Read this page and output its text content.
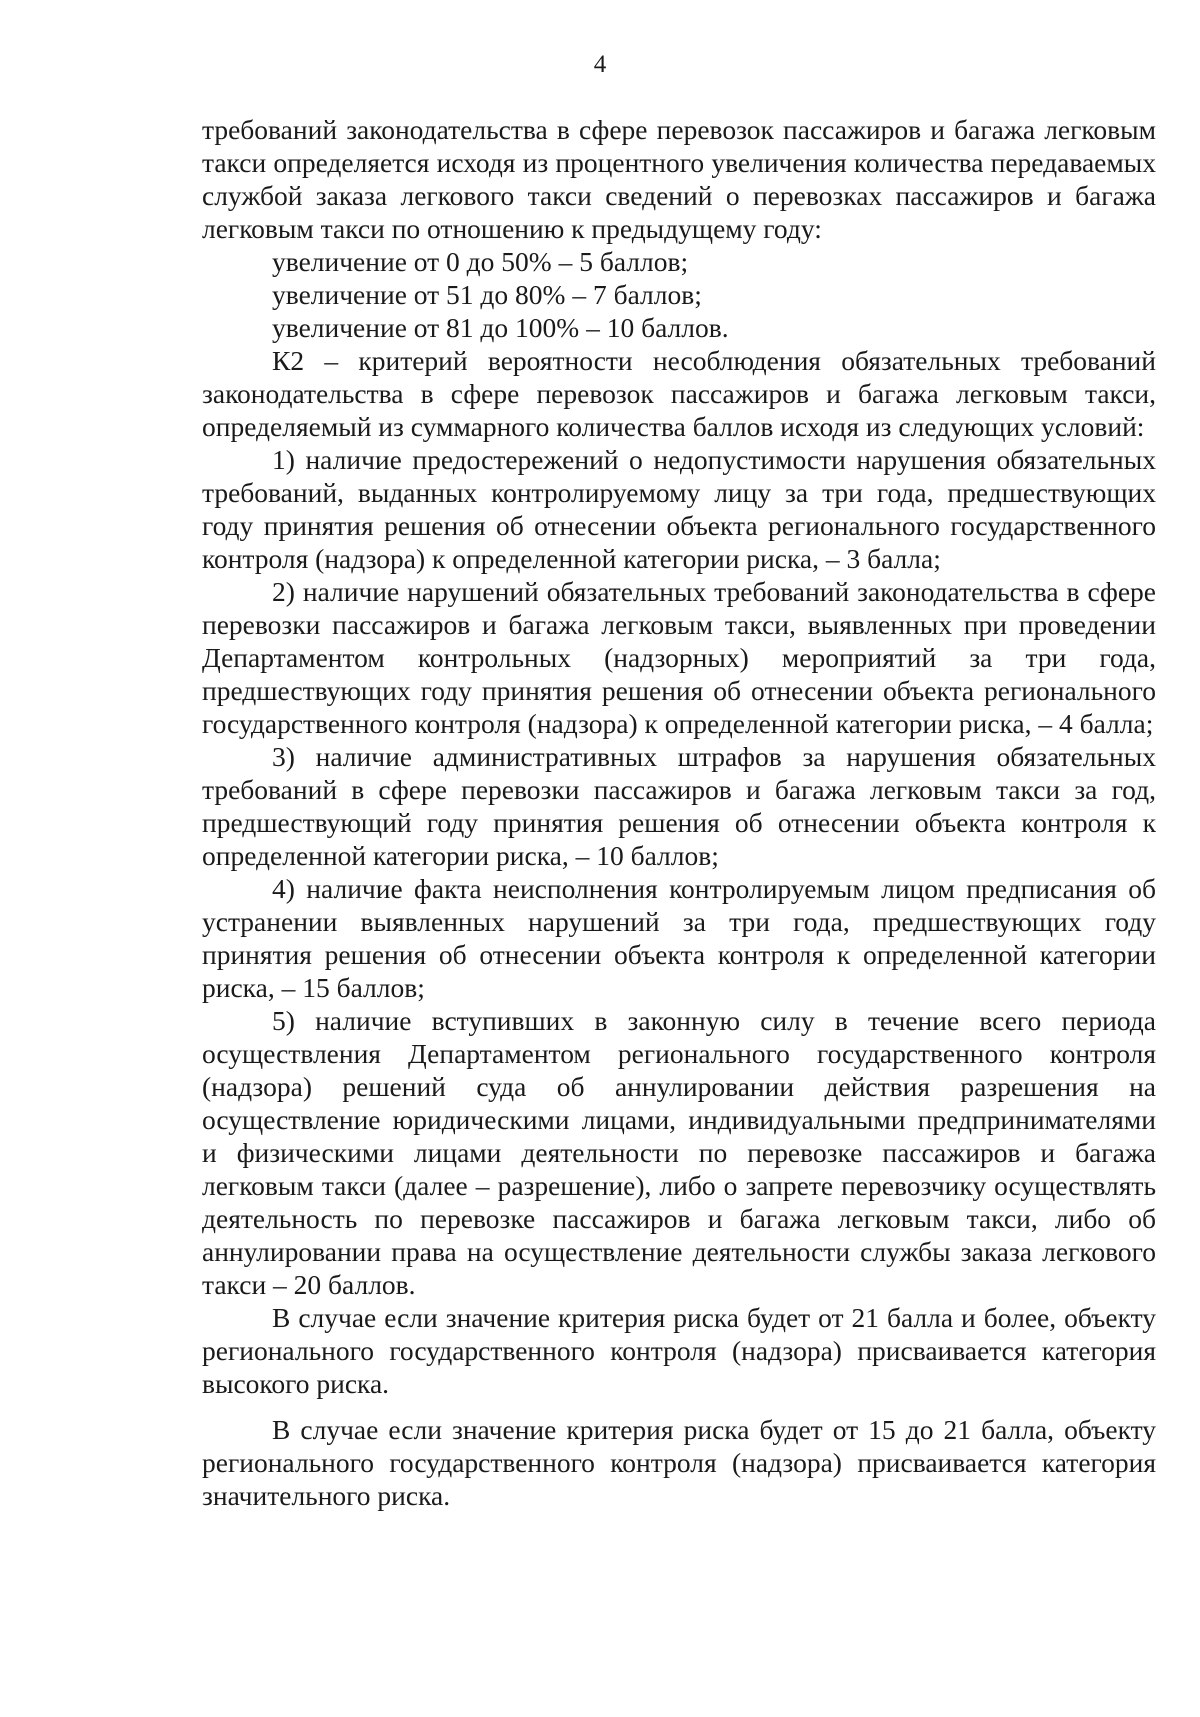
4

требований законодательства в сфере перевозок пассажиров и багажа легковым такси определяется исходя из процентного увеличения количества передаваемых службой заказа легкового такси сведений о перевозках пассажиров и багажа легковым такси по отношению к предыдущему году:

увеличение от 0 до 50% – 5 баллов;

увеличение от 51 до 80% – 7 баллов;

увеличение от 81 до 100% – 10 баллов.

К2 – критерий вероятности несоблюдения обязательных требований законодательства в сфере перевозок пассажиров и багажа легковым такси, определяемый из суммарного количества баллов исходя из следующих условий:

1) наличие предостережений о недопустимости нарушения обязательных требований, выданных контролируемому лицу за три года, предшествующих году принятия решения об отнесении объекта регионального государственного контроля (надзора) к определенной категории риска, – 3 балла;

2) наличие нарушений обязательных требований законодательства в сфере перевозки пассажиров и багажа легковым такси, выявленных при проведении Департаментом контрольных (надзорных) мероприятий за три года, предшествующих году принятия решения об отнесении объекта регионального государственного контроля (надзора) к определенной категории риска, – 4 балла;

3) наличие административных штрафов за нарушения обязательных требований в сфере перевозки пассажиров и багажа легковым такси за год, предшествующий году принятия решения об отнесении объекта контроля к определенной категории риска, – 10 баллов;

4) наличие факта неисполнения контролируемым лицом предписания об устранении выявленных нарушений за три года, предшествующих году принятия решения об отнесении объекта контроля к определенной категории риска, – 15 баллов;

5) наличие вступивших в законную силу в течение всего периода осуществления Департаментом регионального государственного контроля (надзора) решений суда об аннулировании действия разрешения на осуществление юридическими лицами, индивидуальными предпринимателями и физическими лицами деятельности по перевозке пассажиров и багажа легковым такси (далее – разрешение), либо о запрете перевозчику осуществлять деятельность по перевозке пассажиров и багажа легковым такси, либо об аннулировании права на осуществление деятельности службы заказа легкового такси – 20 баллов.

В случае если значение критерия риска будет от 21 балла и более, объекту регионального государственного контроля (надзора) присваивается категория высокого риска.

В случае если значение критерия риска будет от 15 до 21 балла, объекту регионального государственного контроля (надзора) присваивается категория значительного риска.
